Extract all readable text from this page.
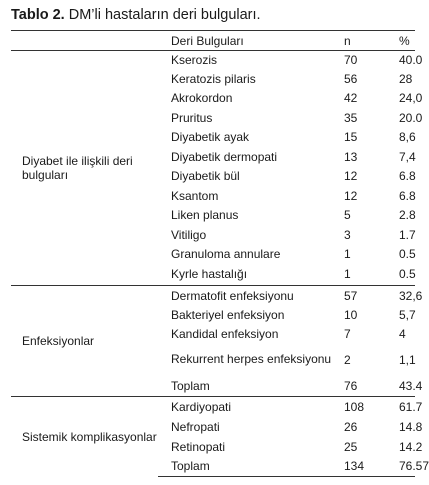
Tablo 2. DM’li hastaların deri bulguları.
	Deri Bulguları	n	%
Diyabet ile ilişkili deri bulguları	Kserozis	70	40.0
	Keratozis pilaris	56	28
	Akrokordon	42	24,0
	Pruritus	35	20.0
	Diyabetik ayak	15	8,6
	Diyabetik dermopati	13	7,4
	Diyabetik bül	12	6.8
	Ksantom	12	6.8
	Liken planus	5	2.8
	Vitiligo	3	1.7
	Granuloma annulare	1	0.5
	Kyrle hastalığı	1	0.5
Enfeksiyonlar	Dermatofit enfeksiyonu	57	32,6
	Bakteriyel enfeksiyon	10	5,7
	Kandidal enfeksiyon	7	4
	Rekurrent herpes enfeksiyonu	2	1,1
	Toplam	76	43.4
Sistemik komplikasyonlar	Kardiyopati	108	61.7
	Nefropati	26	14.8
	Retinopati	25	14.2
	Toplam	134	76.57
